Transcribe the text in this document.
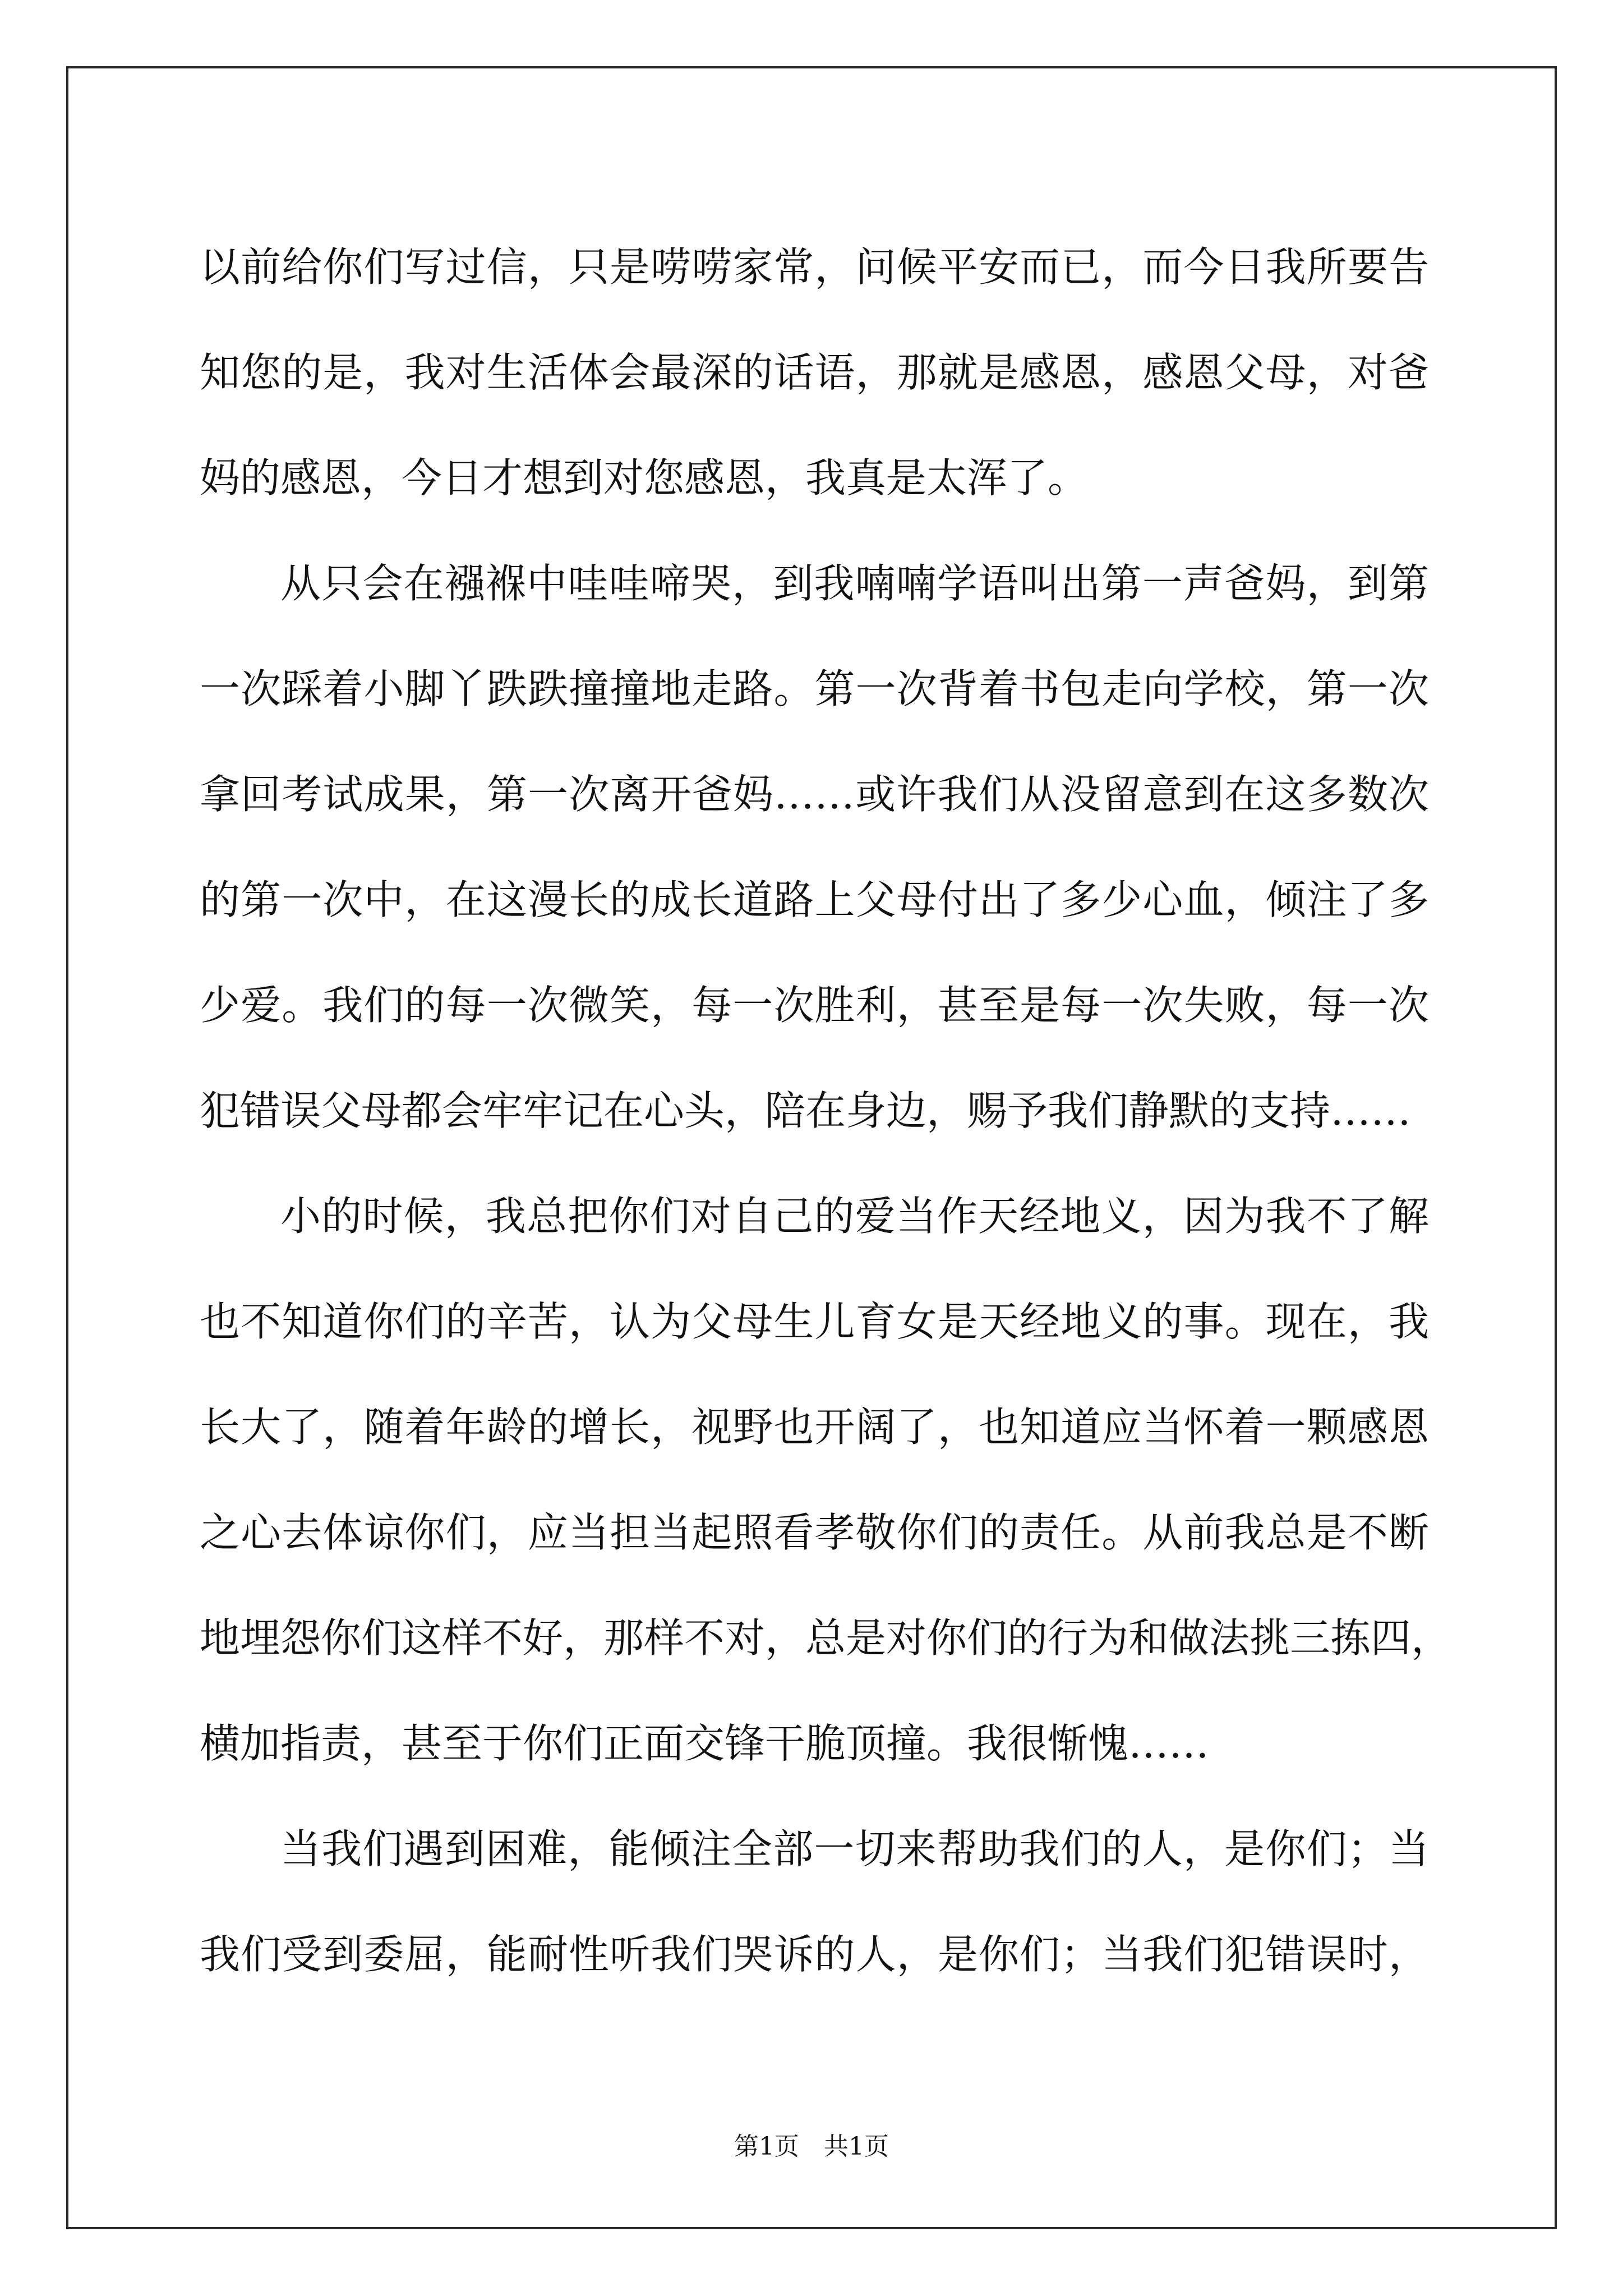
以前给你们写过信，只是唠唠家常，问候平安而已，而今日我所要告
知您的是，我对生活体会最深的话语，那就是感恩，感恩父母，对爸
妈的感恩，今日才想到对您感恩，我真是太浑了。
从只会在襁褓中哇哇啼哭，到我喃喃学语叫出第一声爸妈，到第
一次踩着小脚丫跌跌撞撞地走路。第一次背着书包走向学校，第一次
拿回考试成果，第一次离开爸妈……或许我们从没留意到在这多数次
的第一次中，在这漫长的成长道路上父母付出了多少心血，倾注了多
少爱。我们的每一次微笑，每一次胜利，甚至是每一次失败，每一次
犯错误父母都会牢牢记在心头，陪在身边，赐予我们静默的支持……
小的时候，我总把你们对自己的爱当作天经地义，因为我不了解
也不知道你们的辛苦，认为父母生儿育女是天经地义的事。现在，我
长大了，随着年龄的增长，视野也开阔了，也知道应当怀着一颗感恩
之心去体谅你们，应当担当起照看孝敬你们的责任。从前我总是不断
地埋怨你们这样不好，那样不对，总是对你们的行为和做法挑三拣四，
横加指责，甚至于你们正面交锋干脆顶撞。我很惭愧……
当我们遇到困难，能倾注全部一切来帮助我们的人，是你们；当
我们受到委屈，能耐性听我们哭诉的人，是你们；当我们犯错误时，
第1页　共1页
